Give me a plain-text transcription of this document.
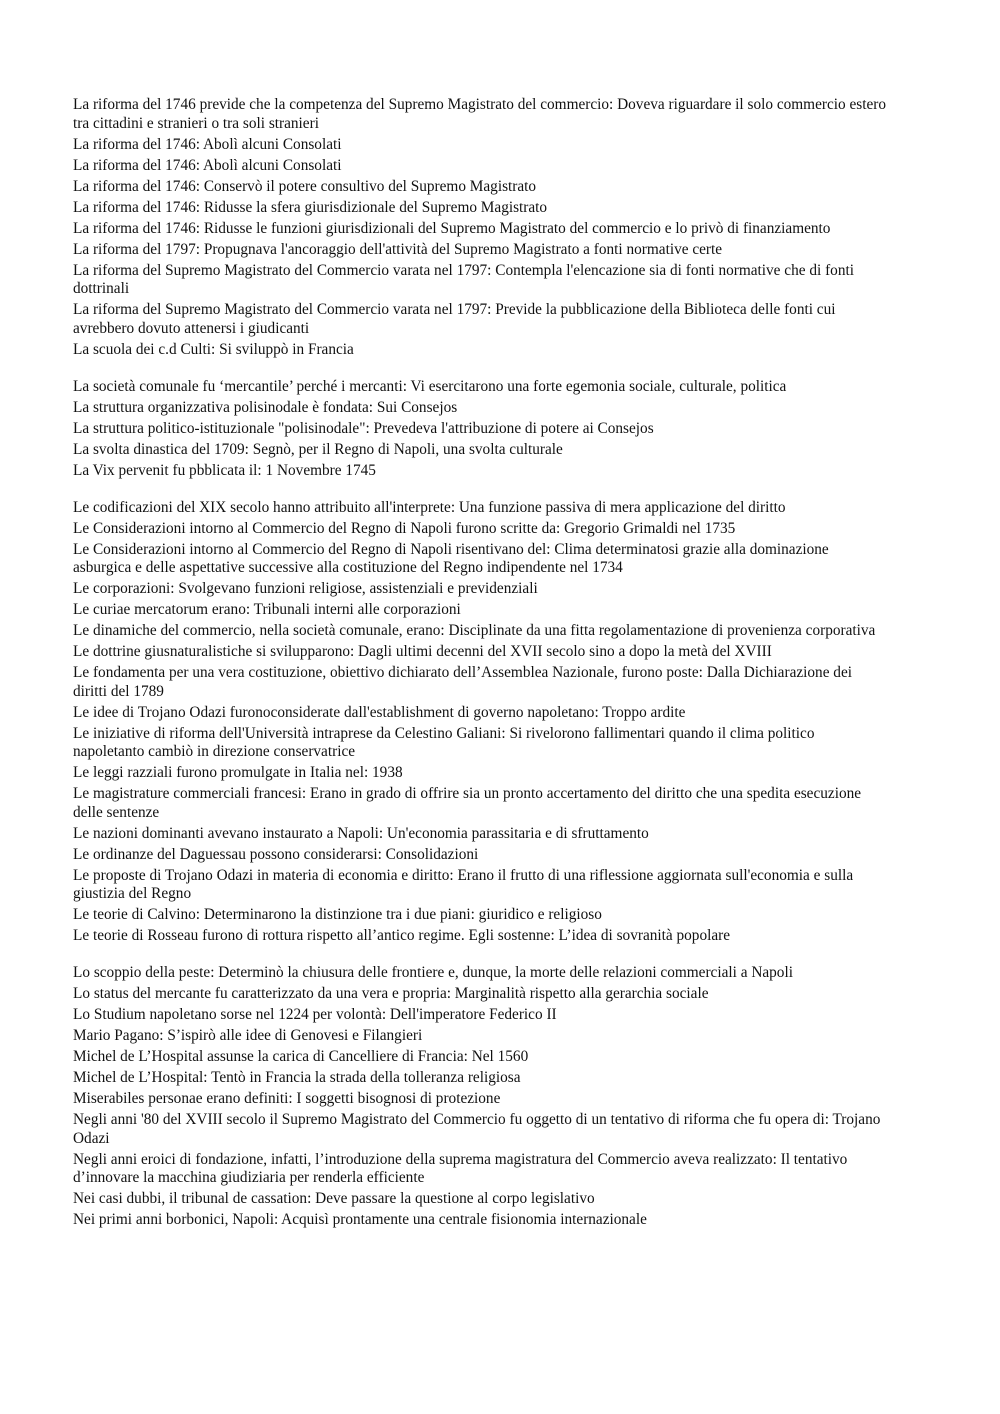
La riforma del 1746 previde che la competenza del Supremo Magistrato del commercio: Doveva riguardare il solo commercio estero tra cittadini e stranieri o tra soli stranieri

La riforma del 1746: Abolì alcuni Consolati

La riforma del 1746: Abolì alcuni Consolati

La riforma del 1746: Conservò il potere consultivo del Supremo Magistrato

La riforma del 1746: Ridusse la sfera giurisdizionale del Supremo Magistrato

La riforma del 1746: Ridusse le funzioni giurisdizionali del Supremo Magistrato del commercio e lo privò di finanziamento

La riforma del 1797: Propugnava l'ancoraggio dell'attività del Supremo Magistrato a fonti normative certe

La riforma del Supremo Magistrato del Commercio varata nel 1797: Contempla l'elencazione sia di fonti normative che di fonti dottrinali

La riforma del Supremo Magistrato del Commercio varata nel 1797: Previde la pubblicazione della Biblioteca delle fonti cui avrebbero dovuto attenersi i giudicanti

La scuola dei c.d Culti: Si sviluppò in Francia

La società comunale fu ‘mercantile’ perché i mercanti: Vi esercitarono una forte egemonia sociale, culturale, politica

La struttura organizzativa polisinodale è fondata: Sui Consejos

La struttura politico-istituzionale "polisinodale": Prevedeva l'attribuzione di potere ai Consejos

La svolta dinastica del 1709: Segnò, per il Regno di Napoli, una svolta culturale

La Vix pervenit fu pbblicata il: 1 Novembre 1745

Le codificazioni del XIX secolo hanno attribuito all'interprete: Una funzione passiva di mera applicazione del diritto

Le Considerazioni intorno al Commercio del Regno di Napoli furono scritte da: Gregorio Grimaldi nel 1735

Le Considerazioni intorno al Commercio del Regno di Napoli risentivano del: Clima determinatosi grazie alla dominazione asburgica e delle aspettative successive alla costituzione del Regno indipendente nel 1734

Le corporazioni: Svolgevano funzioni religiose, assistenziali e previdenziali

Le curiae mercatorum erano: Tribunali interni alle corporazioni

Le dinamiche del commercio, nella società comunale, erano: Disciplinate da una fitta regolamentazione di provenienza corporativa

Le dottrine giusnaturalistiche si svilupparono: Dagli ultimi decenni del XVII secolo sino a dopo la metà del XVIII

Le fondamenta per una vera costituzione, obiettivo dichiarato dell’Assemblea Nazionale, furono poste: Dalla Dichiarazione dei diritti del 1789

Le idee di Trojano Odazi furonoconsiderate dall'establishment di governo napoletano: Troppo ardite

Le iniziative di riforma dell'Università intraprese da Celestino Galiani: Si rivelorono fallimentari quando il clima politico napoletanto cambiò in direzione conservatrice

Le leggi razziali furono promulgate in Italia nel: 1938

Le magistrature commerciali francesi: Erano in grado di offrire sia un pronto accertamento del diritto che una spedita esecuzione delle sentenze

Le nazioni dominanti avevano instaurato a Napoli: Un'economia parassitaria e di sfruttamento

Le ordinanze del Daguessau possono considerarsi: Consolidazioni

Le proposte di Trojano Odazi in materia di economia e diritto: Erano il frutto di una riflessione aggiornata sull'economia e sulla giustizia del Regno

Le teorie di Calvino: Determinarono la distinzione tra i due piani: giuridico e religioso

Le teorie di Rosseau furono di rottura rispetto all’antico regime. Egli sostenne: L’idea di sovranità popolare

Lo scoppio della peste: Determinò la chiusura delle frontiere e, dunque, la morte delle relazioni commerciali a Napoli

Lo status del mercante fu caratterizzato da una vera e propria: Marginalità rispetto alla gerarchia sociale

Lo Studium napoletano sorse nel 1224 per volontà: Dell'imperatore Federico II

Mario Pagano: S’ispirò alle idee di Genovesi e Filangieri

Michel de L’Hospital assunse la carica di Cancelliere di Francia: Nel 1560

Michel de L’Hospital: Tentò in Francia la strada della tolleranza religiosa

Miserabiles personae erano definiti: I soggetti bisognosi di protezione

Negli anni '80 del XVIII secolo il Supremo Magistrato del Commercio fu oggetto di un tentativo di riforma che fu opera di: Trojano Odazi

Negli anni eroici di fondazione, infatti, l’introduzione della suprema magistratura del Commercio aveva realizzato: Il tentativo d’innovare la macchina giudiziaria per renderla efficiente

Nei casi dubbi, il tribunal de cassation: Deve passare la questione al corpo legislativo

Nei primi anni borbonici, Napoli: Acquisì prontamente una centrale fisionomia internazionale
